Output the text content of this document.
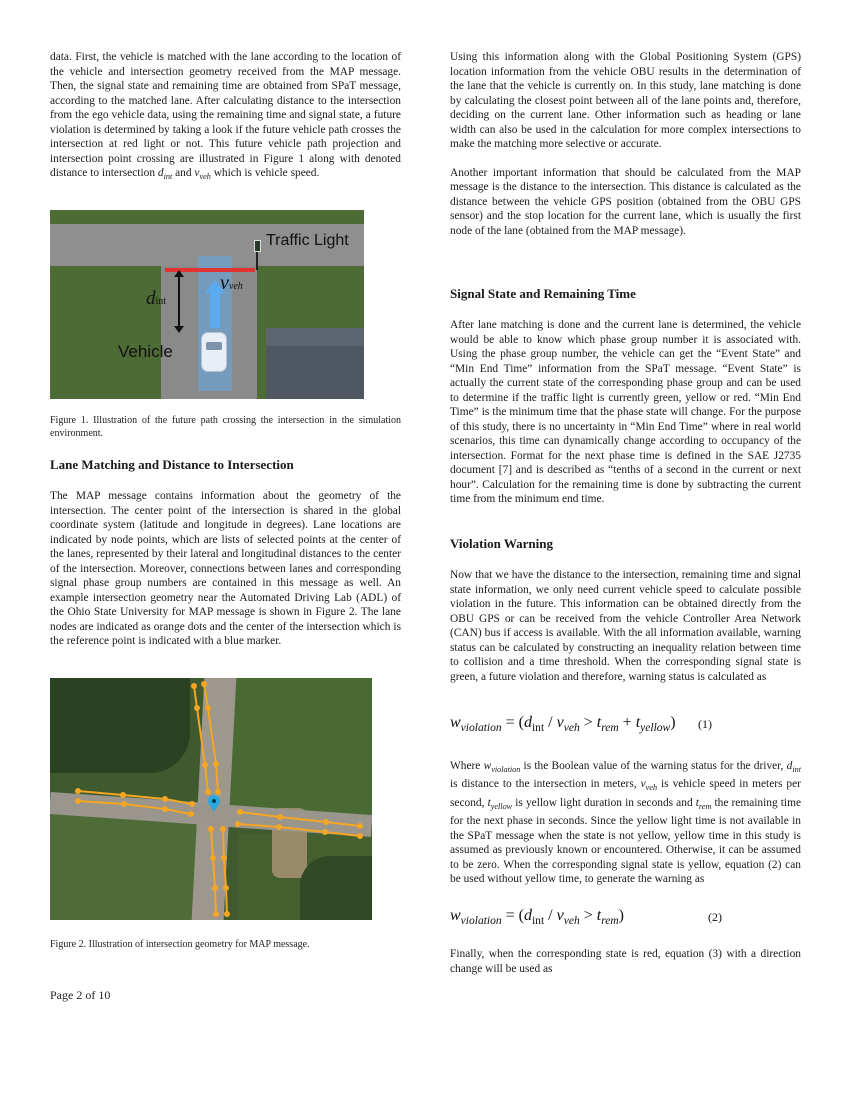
data. First, the vehicle is matched with the lane according to the location of the vehicle and intersection geometry received from the MAP message. Then, the signal state and remaining time are obtained from SPaT message, according to the matched lane. After calculating distance to the intersection from the ego vehicle data, using the remaining time and signal state, a future violation is determined by taking a look if the future vehicle path crosses the intersection at red light or not. This future vehicle path projection and intersection point crossing are illustrated in Figure 1 along with denoted distance to intersection $d_{int}$ and $v_{veh}$ which is vehicle speed.

Traffic Light
Vehicle
dint
vveh

Figure 1. Illustration of the future path crossing the intersection in the simulation environment.

Lane Matching and Distance to Intersection

The MAP message contains information about the geometry of the intersection. The center point of the intersection is shared in the global coordinate system (latitude and longitude in degrees). Lane locations are indicated by node points, which are lists of selected points at the center of the lanes, represented by their lateral and longitudinal distances to the center of the intersection. Moreover, connections between lanes and corresponding signal phase group numbers are contained in this message as well. An example intersection geometry near the Automated Driving Lab (ADL) of the Ohio State University for MAP message is shown in Figure 2. The lane nodes are indicated as orange dots and the center of the intersection which is the reference point is indicated with a blue marker.

Figure 2. Illustration of intersection geometry for MAP message.

Page 2 of 10

Using this information along with the Global Positioning System (GPS) location information from the vehicle OBU results in the determination of the lane that the vehicle is currently on. In this study, lane matching is done by calculating the closest point between all of the lane points and, therefore, deciding on the current lane. Other information such as heading or lane width can also be used in the calculation for more complex intersections to make the matching more selective or accurate.

Another important information that should be calculated from the MAP message is the distance to the intersection. This distance is calculated as the distance between the vehicle GPS position (obtained from the OBU GPS sensor) and the stop location for the current lane, which is usually the first node of the lane (obtained from the MAP message).

Signal State and Remaining Time

After lane matching is done and the current lane is determined, the vehicle would be able to know which phase group number it is associated with. Using the phase group number, the vehicle can get the “Event State” and “Min End Time” information from the SPaT message. “Event State” is actually the current state of the corresponding phase group and can be used to determine if the traffic light is currently green, yellow or red. “Min End Time” is the minimum time that the phase state will change. For the purpose of this study, there is no uncertainty in “Min End Time” where in real world scenarios, this time can dynamically change according to occupancy of the intersection. Format for the next phase time is defined in the SAE J2735 document [7] and is described as “tenths of a second in the current or next hour”. Calculation for the remaining time is done by subtracting the current time from the minimum end time.

Violation Warning

Now that we have the distance to the intersection, remaining time and signal state information, we only need current vehicle speed to calculate possible violation in the future. This information can be obtained directly from the OBU GPS or can be received from the vehicle Controller Area Network (CAN) bus if access is available. With the all information available, warning status can be calculated by constructing an inequality relation between time to collision and a time threshold. When the corresponding signal state is green, a future violation and therefore, warning status is calculated as

$w_{violation} = (d_{int} / v_{veh} > t_{rem} + t_{yellow})$ (1)

Where $w_{violation}$ is the Boolean value of the warning status for the driver, $d_{int}$ is distance to the intersection in meters, $v_{veh}$ is vehicle speed in meters per second, $t_{yellow}$ is yellow light duration in seconds and $t_{rem}$ the remaining time for the next phase in seconds. Since the yellow light time is not available in the SPaT message when the state is not yellow, yellow time in this study is assumed as previously known or encountered. Otherwise, it can be assumed to be zero. When the corresponding signal state is yellow, equation (2) can be used without yellow time, to generate the warning as

$w_{violation} = (d_{int} / v_{veh} > t_{rem})$	(2)

Finally, when the corresponding state is red, equation (3) with a direction change will be used as
